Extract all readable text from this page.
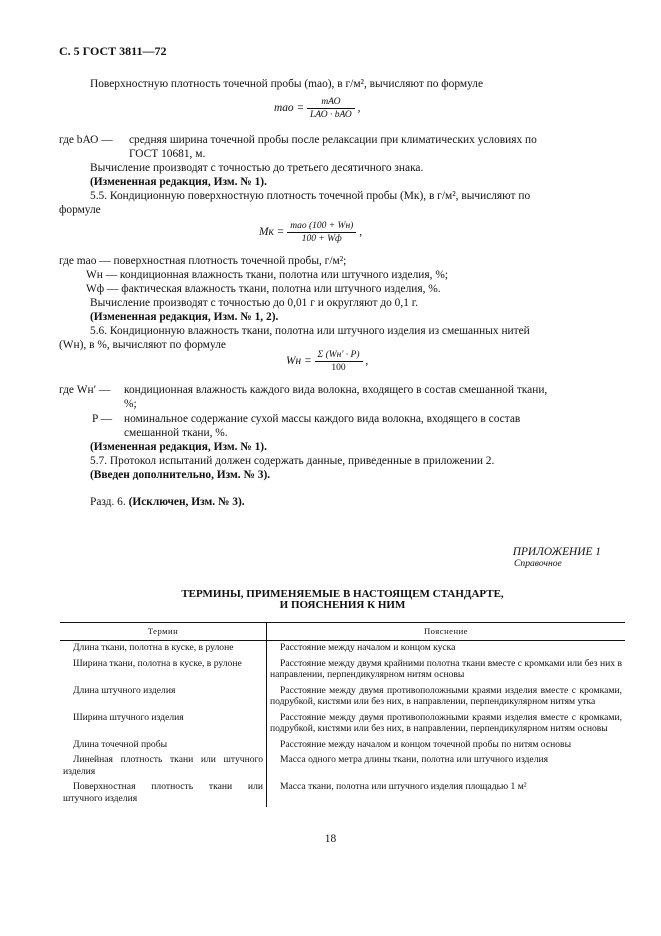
С. 5 ГОСТ 3811—72
Поверхностную плотность точечной пробы (mао), в г/м², вычисляют по формуле
mао = $\frac{\text{mАО}}{\text{LАО · bАО}}$ ,
где bАО — средняя ширина точечной пробы после релаксации при климатических условиях по
ГОСТ 10681, м.
Вычисление производят с точностью до третьего десятичного знака.
(Измененная редакция, Изм. № 1).
5.5. Кондиционную поверхностную плотность точечной пробы (Mк), в г/м², вычисляют по
формуле
Mк = $\frac{\text{mао (100 + Wн)}}{100 + Wф}$ ,
где mао — поверхностная плотность точечной пробы, г/м²;
Wн — кондиционная влажность ткани, полотна или штучного изделия, %;
Wф — фактическая влажность ткани, полотна или штучного изделия, %.
Вычисление производят с точностью до 0,01 г и округляют до 0,1 г.
(Измененная редакция, Изм. № 1, 2).
5.6. Кондиционную влажность ткани, полотна или штучного изделия из смешанных нитей
(Wн), в %, вычисляют по формуле
Wн = $\frac{\Sigma (Wн' \cdot P)}{100}$ ,
где Wн′ — кондиционная влажность каждого вида волокна, входящего в состав смешанной ткани,
%;
P — номинальное содержание сухой массы каждого вида волокна, входящего в состав
смешанной ткани, %.
(Измененная редакция, Изм. № 1).
5.7. Протокол испытаний должен содержать данные, приведенные в приложении 2.
(Введен дополнительно, Изм. № 3).
Разд. 6. (Исключен, Изм. № 3).
ПРИЛОЖЕНИЕ 1
Справочное
ТЕРМИНЫ, ПРИМЕНЯЕМЫЕ В НАСТОЯЩЕМ СТАНДАРТЕ,
И ПОЯСНЕНИЯ К НИМ
Термин	Пояснение

Длина ткани, полотна в куске, в рулоне	Расстояние между началом и концом куска

Ширина ткани, полотна в куске, в рулоне	Расстояние между двумя крайними полотна ткани вместе с кромками или без них в направлении, перпендикулярном нитям основы

Длина штучного изделия	Расстояние между двумя противоположными краями изделия вместе с кромками, подрубкой, кистями или без них, в направлении, перпендикулярном нитям утка

Ширина штучного изделия	Расстояние между двумя противоположными краями изделия вместе с кромками, подрубкой, кистями или без них, в направлении, перпендикулярном нитям основы

Длина точечной пробы	Расстояние между началом и концом точечной пробы по нитям основы

Линейная плотность ткани или штучного изделия	Масса одного метра длины ткани, полотна или штучного изделия

Поверхностная плотность ткани или штучного изделия	Масса ткани, полотна или штучного изделия площадью 1 м²
18
